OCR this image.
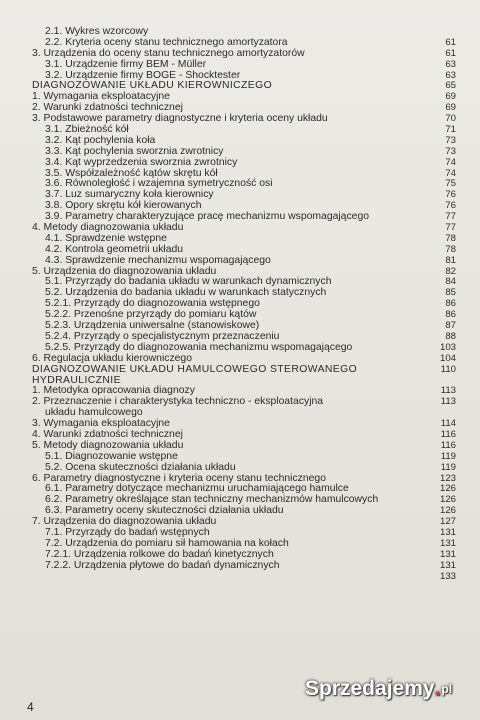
2.1. Wykres wzorcowy
2.2. Kryteria oceny stanu technicznego amortyzatora	61
3. Urządzenia do oceny stanu technicznego amortyzatorów	61
3.1. Urządzenie firmy BEM - Müller	63
3.2. Urządzenie firmy BOGE - Shocktester	63
DIAGNOZOWANIE UKŁADU KIEROWNICZEGO	65
1. Wymagania eksploatacyjne	69
2. Warunki zdatności technicznej	69
3. Podstawowe parametry diagnostyczne i kryteria oceny układu	70
3.1. Zbieżność kół	71
3.2. Kąt pochylenia koła	73
3.3. Kąt pochylenia sworznia zwrotnicy	73
3.4. Kąt wyprzedzenia sworznia zwrotnicy	74
3.5. Współzależność kątów skrętu kół	74
3.6. Równoległość i wzajemna symetryczność osi	75
3.7. Luz sumaryczny koła kierownicy	76
3.8. Opory skrętu kół kierowanych	76
3.9. Parametry charakteryzujące pracę mechanizmu wspomagającego	77
4. Metody diagnozowania układu	77
4.1. Sprawdzenie wstępne	78
4.2. Kontrola geometrii układu	78
4.3. Sprawdzenie mechanizmu wspomagającego	81
5. Urządzenia do diagnozowania układu	82
5.1. Przyrządy do badania układu w warunkach dynamicznych	84
5.2. Urządzenia do badania układu w warunkach statycznych	85
5.2.1. Przyrządy do diagnozowania wstępnego	86
5.2.2. Przenośne przyrządy do pomiaru kątów	86
5.2.3. Urządzenia uniwersalne (stanowiskowe)	87
5.2.4. Przyrządy o specjalistycznym przeznaczeniu	88
5.2.5. Przyrządy do diagnozowania mechanizmu wspomagającego	103
6. Regulacja układu kierowniczego	104
DIAGNOZOWANIE UKŁADU HAMULCOWEGO STEROWANEGO	110
HYDRAULICZNIE
1. Metodyka opracowania diagnozy	113
2. Przeznaczenie i charakterystyka techniczno - eksploatacyjna	113
układu hamulcowego
3. Wymagania eksploatacyjne	114
4. Warunki zdatności technicznej	116
5. Metody diagnozowania układu	116
5.1. Diagnozowanie wstępne	119
5.2. Ocena skuteczności działania układu	119
6. Parametry diagnostyczne i kryteria oceny stanu technicznego	123
6.1. Parametry dotyczące mechanizmu uruchamiającego hamulce	126
6.2. Parametry określające stan techniczny mechanizmów hamulcowych	126
6.3. Parametry oceny skuteczności działania układu	126
7. Urządzenia do diagnozowania układu	127
7.1. Przyrządy do badań wstępnych	131
7.2. Urządzenia do pomiaru sił hamowania na kołach	131
7.2.1. Urządzenia rolkowe do badań kinetycznych	131
7.2.2. Urządzenia płytowe do badań dynamicznych	131
133
4
Sprzedajemy . pl
